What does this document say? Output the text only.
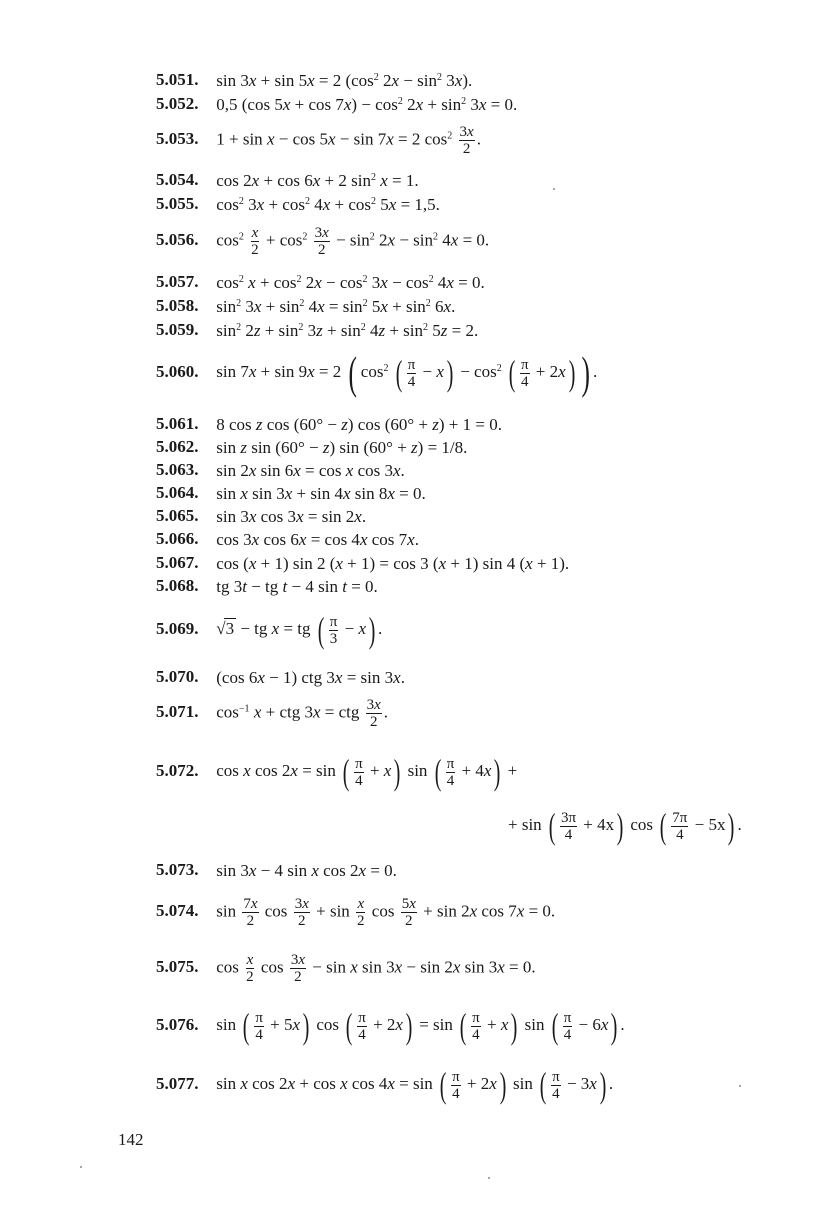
5.051. sin 3x + sin 5x = 2 ($\cos^2$ $2x - \sin^2 3x$).
5.052. 0,5 (cos $5x + \cos 7x) - \cos^2 2x + \sin^2 3x = 0$.
5.053. 1 + sin x − cos 5x − sin 7x = 2 $\cos^2 \frac{3x}{2}$ .
5.054. cos 2x + cos 6x + 2 $\sin^2 x = 1$.
5.055. $\cos^2 3x + \cos^2 4x + \cos^2 5x = 1,5$.
5.056. $\cos^2 \frac{x}{2} + \cos^2 \frac{3x}{2} - \sin^2 2x - \sin^2 4x = 0$.
5.057. $\cos^2 x + \cos^2 2x - \cos^2 3x - \cos^2 4x = 0$.
5.058. $\sin^2 3x + \sin^2 4x = \sin^2 5x + \sin^2 6x$.
5.059. $\sin^2 2z + \sin^2 3z + \sin^2 4z + \sin^2 5z = 2$.
5.060. sin 7x + sin 9x = 2 ( $\cos^2$ ( $\frac{\pi}{4} - x) - \cos^2$ ( $\frac{\pi}{4} + 2x$) ) .
5.061. 8 cos z cos (60° − z) cos (60° + z) + 1 = 0.
5.062. sin z sin (60° − z) sin (60° + z) = 1/8.
5.063. sin 2x sin 6x = cos x cos 3x.
5.064. sin x sin 3x + sin 4x sin 8x = 0.
5.065. sin 3x cos 3x = sin 2x.
5.066. cos 3x cos 6x = cos 4x cos 7x.
5.067. cos (x + 1) sin 2 (x + 1) = cos 3 (x + 1) sin 4 (x + 1).
5.068. tg 3t − tg t − 4 sin t = 0.
5.069. √3 − tg x = tg ( $\frac{\pi}{3} - x$) .
5.070. (cos 6x − 1) ctg 3x = sin 3x.
5.071. $\cos^{-1} x$ + ctg 3x = ctg $\frac{3x}{2}$ .
5.072. cos x cos 2x = sin ( $\frac{\pi}{4} + x$) sin ( $\frac{\pi}{4} + 4x$) +
+ sin ( $\frac{3\pi}{4} + 4x$) cos ( $\frac{7\pi}{4} - 5x$) .
5.073. sin 3x − 4 sin x cos 2x = 0.
5.074. $\sin \frac{7x}{2}$ $\cos \frac{3x}{2} + \sin \frac{x}{2}$ $\cos \frac{5x}{2} + \sin 2x$ cos 7x = 0.
5.075. $\cos \frac{x}{2}$ $\cos \frac{3x}{2} - \sin x$ sin 3x − sin 2x sin 3x = 0.
5.076. sin ( $\frac{\pi}{4} + 5x$) cos ( $\frac{\pi}{4} + 2x) = \sin$ ( $\frac{\pi}{4} + x$) sin ( $\frac{\pi}{4} - 6x$) .
5.077. sin x cos 2x + cos x cos 4x = sin ( $\frac{\pi}{4} + 2x$) sin ( $\frac{\pi}{4} - 3x$) .
142
